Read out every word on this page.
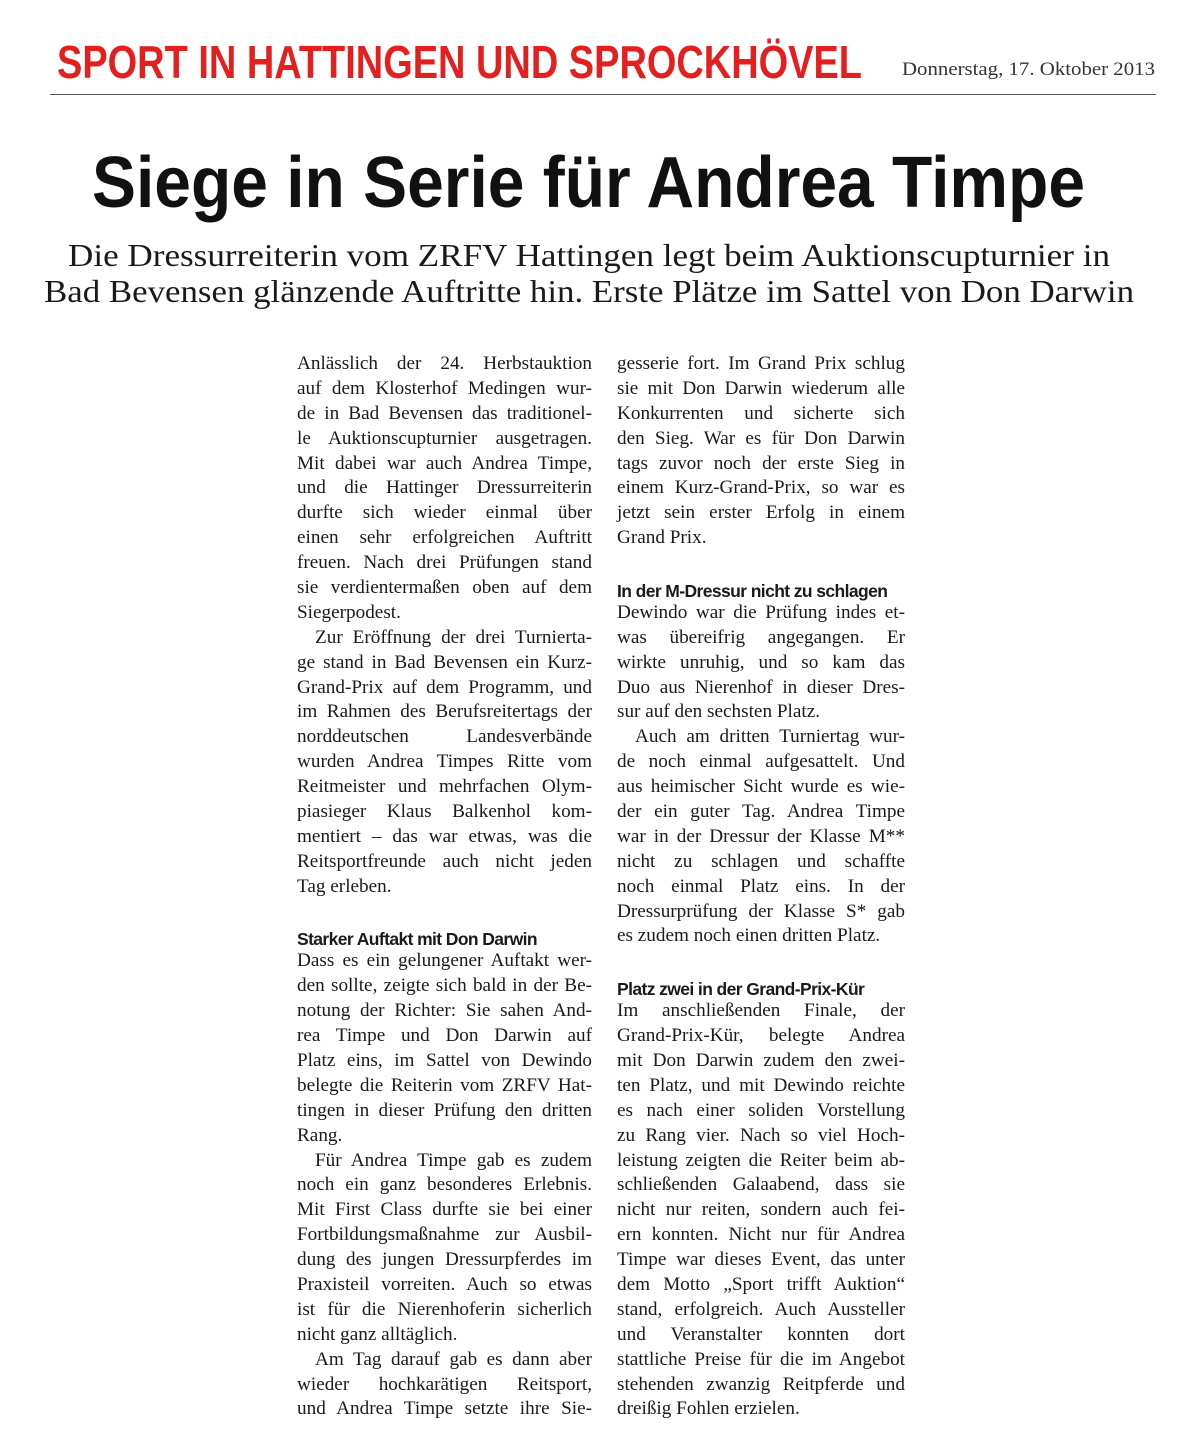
SPORT IN HATTINGEN UND SPROCKHÖVEL Donnerstag, 17. Oktober 2013
Siege in Serie für Andrea Timpe
Die Dressurreiterin vom ZRFV Hattingen legt beim Auktionscupturnier in
Bad Bevensen glänzende Auftritte hin. Erste Plätze im Sattel von Don Darwin
Anlässlich der 24. Herbstauktion
auf dem Klosterhof Medingen wur-
de in Bad Bevensen das traditionel-
le Auktionscupturnier ausgetragen.
Mit dabei war auch Andrea Timpe,
und die Hattinger Dressurreiterin
durfte sich wieder einmal über
einen sehr erfolgreichen Auftritt
freuen. Nach drei Prüfungen stand
sie verdientermaßen oben auf dem
Siegerpodest.
Zur Eröffnung der drei Turnierta-
ge stand in Bad Bevensen ein Kurz-
Grand-Prix auf dem Programm, und
im Rahmen des Berufsreitertags der
norddeutschen Landesverbände
wurden Andrea Timpes Ritte vom
Reitmeister und mehrfachen Olym-
piasieger Klaus Balkenhol kom-
mentiert – das war etwas, was die
Reitsportfreunde auch nicht jeden
Tag erleben.
Starker Auftakt mit Don Darwin
Dass es ein gelungener Auftakt wer-
den sollte, zeigte sich bald in der Be-
notung der Richter: Sie sahen And-
rea Timpe und Don Darwin auf
Platz eins, im Sattel von Dewindo
belegte die Reiterin vom ZRFV Hat-
tingen in dieser Prüfung den dritten
Rang.
Für Andrea Timpe gab es zudem
noch ein ganz besonderes Erlebnis.
Mit First Class durfte sie bei einer
Fortbildungsmaßnahme zur Ausbil-
dung des jungen Dressurpferdes im
Praxisteil vorreiten. Auch so etwas
ist für die Nierenhoferin sicherlich
nicht ganz alltäglich.
Am Tag darauf gab es dann aber
wieder hochkarätigen Reitsport,
und Andrea Timpe setzte ihre Sie-
gesserie fort. Im Grand Prix schlug
sie mit Don Darwin wiederum alle
Konkurrenten und sicherte sich
den Sieg. War es für Don Darwin
tags zuvor noch der erste Sieg in
einem Kurz-Grand-Prix, so war es
jetzt sein erster Erfolg in einem
Grand Prix.
In der M-Dressur nicht zu schlagen
Dewindo war die Prüfung indes et-
was übereifrig angegangen. Er
wirkte unruhig, und so kam das
Duo aus Nierenhof in dieser Dres-
sur auf den sechsten Platz.
Auch am dritten Turniertag wur-
de noch einmal aufgesattelt. Und
aus heimischer Sicht wurde es wie-
der ein guter Tag. Andrea Timpe
war in der Dressur der Klasse M**
nicht zu schlagen und schaffte
noch einmal Platz eins. In der
Dressurprüfung der Klasse S* gab
es zudem noch einen dritten Platz.
Platz zwei in der Grand-Prix-Kür
Im anschließenden Finale, der
Grand-Prix-Kür, belegte Andrea
mit Don Darwin zudem den zwei-
ten Platz, und mit Dewindo reichte
es nach einer soliden Vorstellung
zu Rang vier. Nach so viel Hoch-
leistung zeigten die Reiter beim ab-
schließenden Galaabend, dass sie
nicht nur reiten, sondern auch fei-
ern konnten. Nicht nur für Andrea
Timpe war dieses Event, das unter
dem Motto „Sport trifft Auktion“
stand, erfolgreich. Auch Aussteller
und Veranstalter konnten dort
stattliche Preise für die im Angebot
stehenden zwanzig Reitpferde und
dreißig Fohlen erzielen.
